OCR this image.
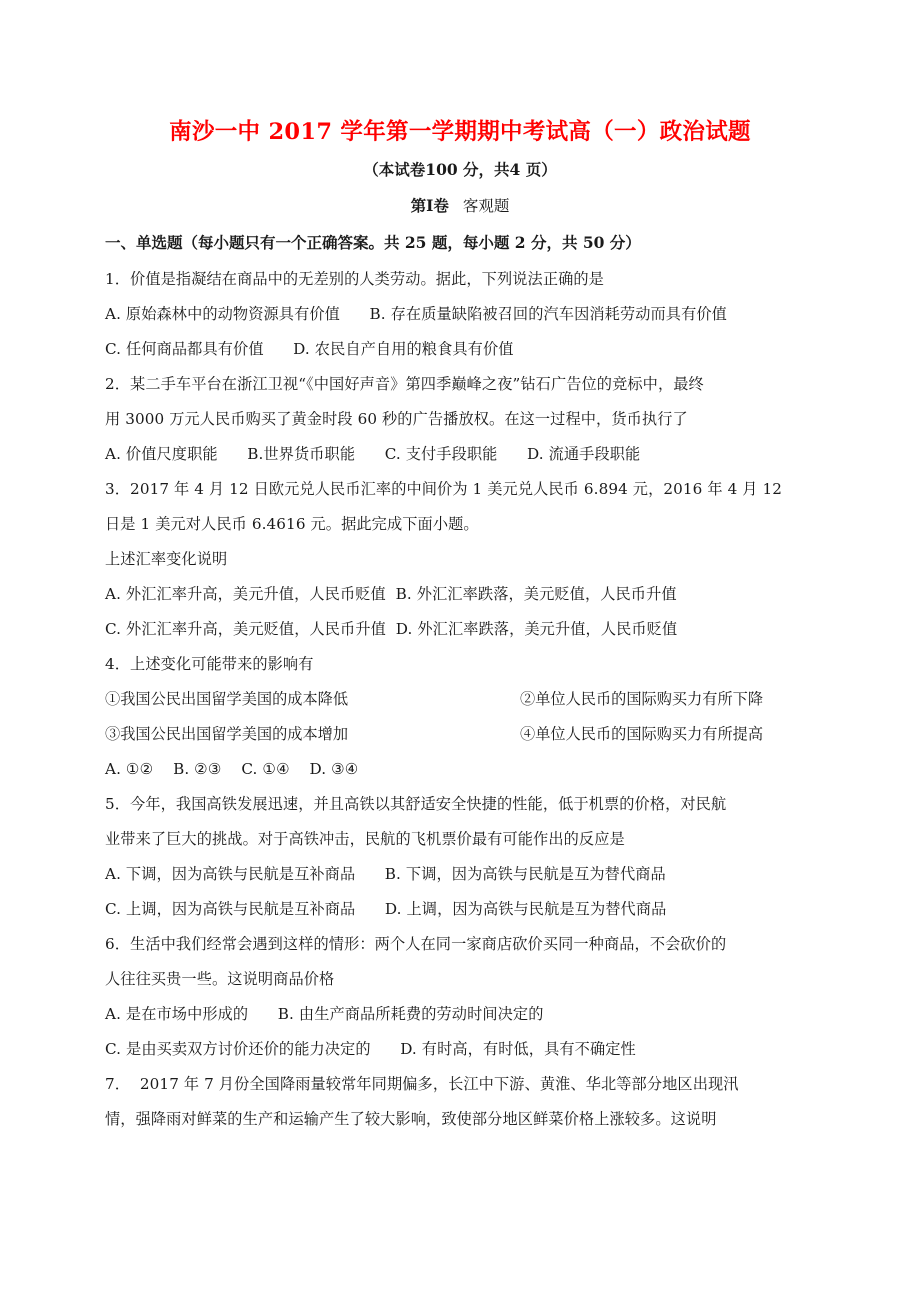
南沙一中 2017 学年第一学期期中考试高（一）政治试题
（本试卷100 分，共4 页）
第Ⅰ卷 客观题
一、单选题（每小题只有一个正确答案。共 25 题，每小题 2 分，共 50 分）
1．价值是指凝结在商品中的无差别的人类劳动。据此，下列说法正确的是
A. 原始森林中的动物资源具有价值      B. 存在质量缺陷被召回的汽车因消耗劳动而具有价值
C. 任何商品都具有价值      D. 农民自产自用的粮食具有价值
2．某二手车平台在浙江卫视“《中国好声音》第四季巅峰之夜”钻石广告位的竞标中，最终
用 3000 万元人民币购买了黄金时段 60 秒的广告播放权。在这一过程中，货币执行了
A. 价值尺度职能      B.世界货币职能      C. 支付手段职能      D. 流通手段职能
3．2017 年 4 月 12 日欧元兑人民币汇率的中间价为 1 美元兑人民币 6.894 元，2016 年 4 月 12
日是 1 美元对人民币 6.4616 元。据此完成下面小题。
上述汇率变化说明
A. 外汇汇率升高，美元升值，人民币贬值  B. 外汇汇率跌落，美元贬值，人民币升值
C. 外汇汇率升高，美元贬值，人民币升值  D. 外汇汇率跌落，美元升值，人民币贬值
4．上述变化可能带来的影响有
①我国公民出国留学美国的成本降低	②单位人民币的国际购买力有所下降
③我国公民出国留学美国的成本增加	④单位人民币的国际购买力有所提高
A. ①②    B. ②③    C. ①④    D. ③④
5．今年，我国高铁发展迅速，并且高铁以其舒适安全快捷的性能，低于机票的价格，对民航
业带来了巨大的挑战。对于高铁冲击，民航的飞机票价最有可能作出的反应是
A. 下调，因为高铁与民航是互补商品      B. 下调，因为高铁与民航是互为替代商品
C. 上调，因为高铁与民航是互补商品      D. 上调，因为高铁与民航是互为替代商品
6．生活中我们经常会遇到这样的情形：两个人在同一家商店砍价买同一种商品，不会砍价的
人往往买贵一些。这说明商品价格
A. 是在市场中形成的      B. 由生产商品所耗费的劳动时间决定的
C. 是由买卖双方讨价还价的能力决定的      D. 有时高，有时低，具有不确定性
7．  2017 年 7 月份全国降雨量较常年同期偏多，长江中下游、黄淮、华北等部分地区出现汛
情，强降雨对鲜菜的生产和运输产生了较大影响，致使部分地区鲜菜价格上涨较多。这说明
